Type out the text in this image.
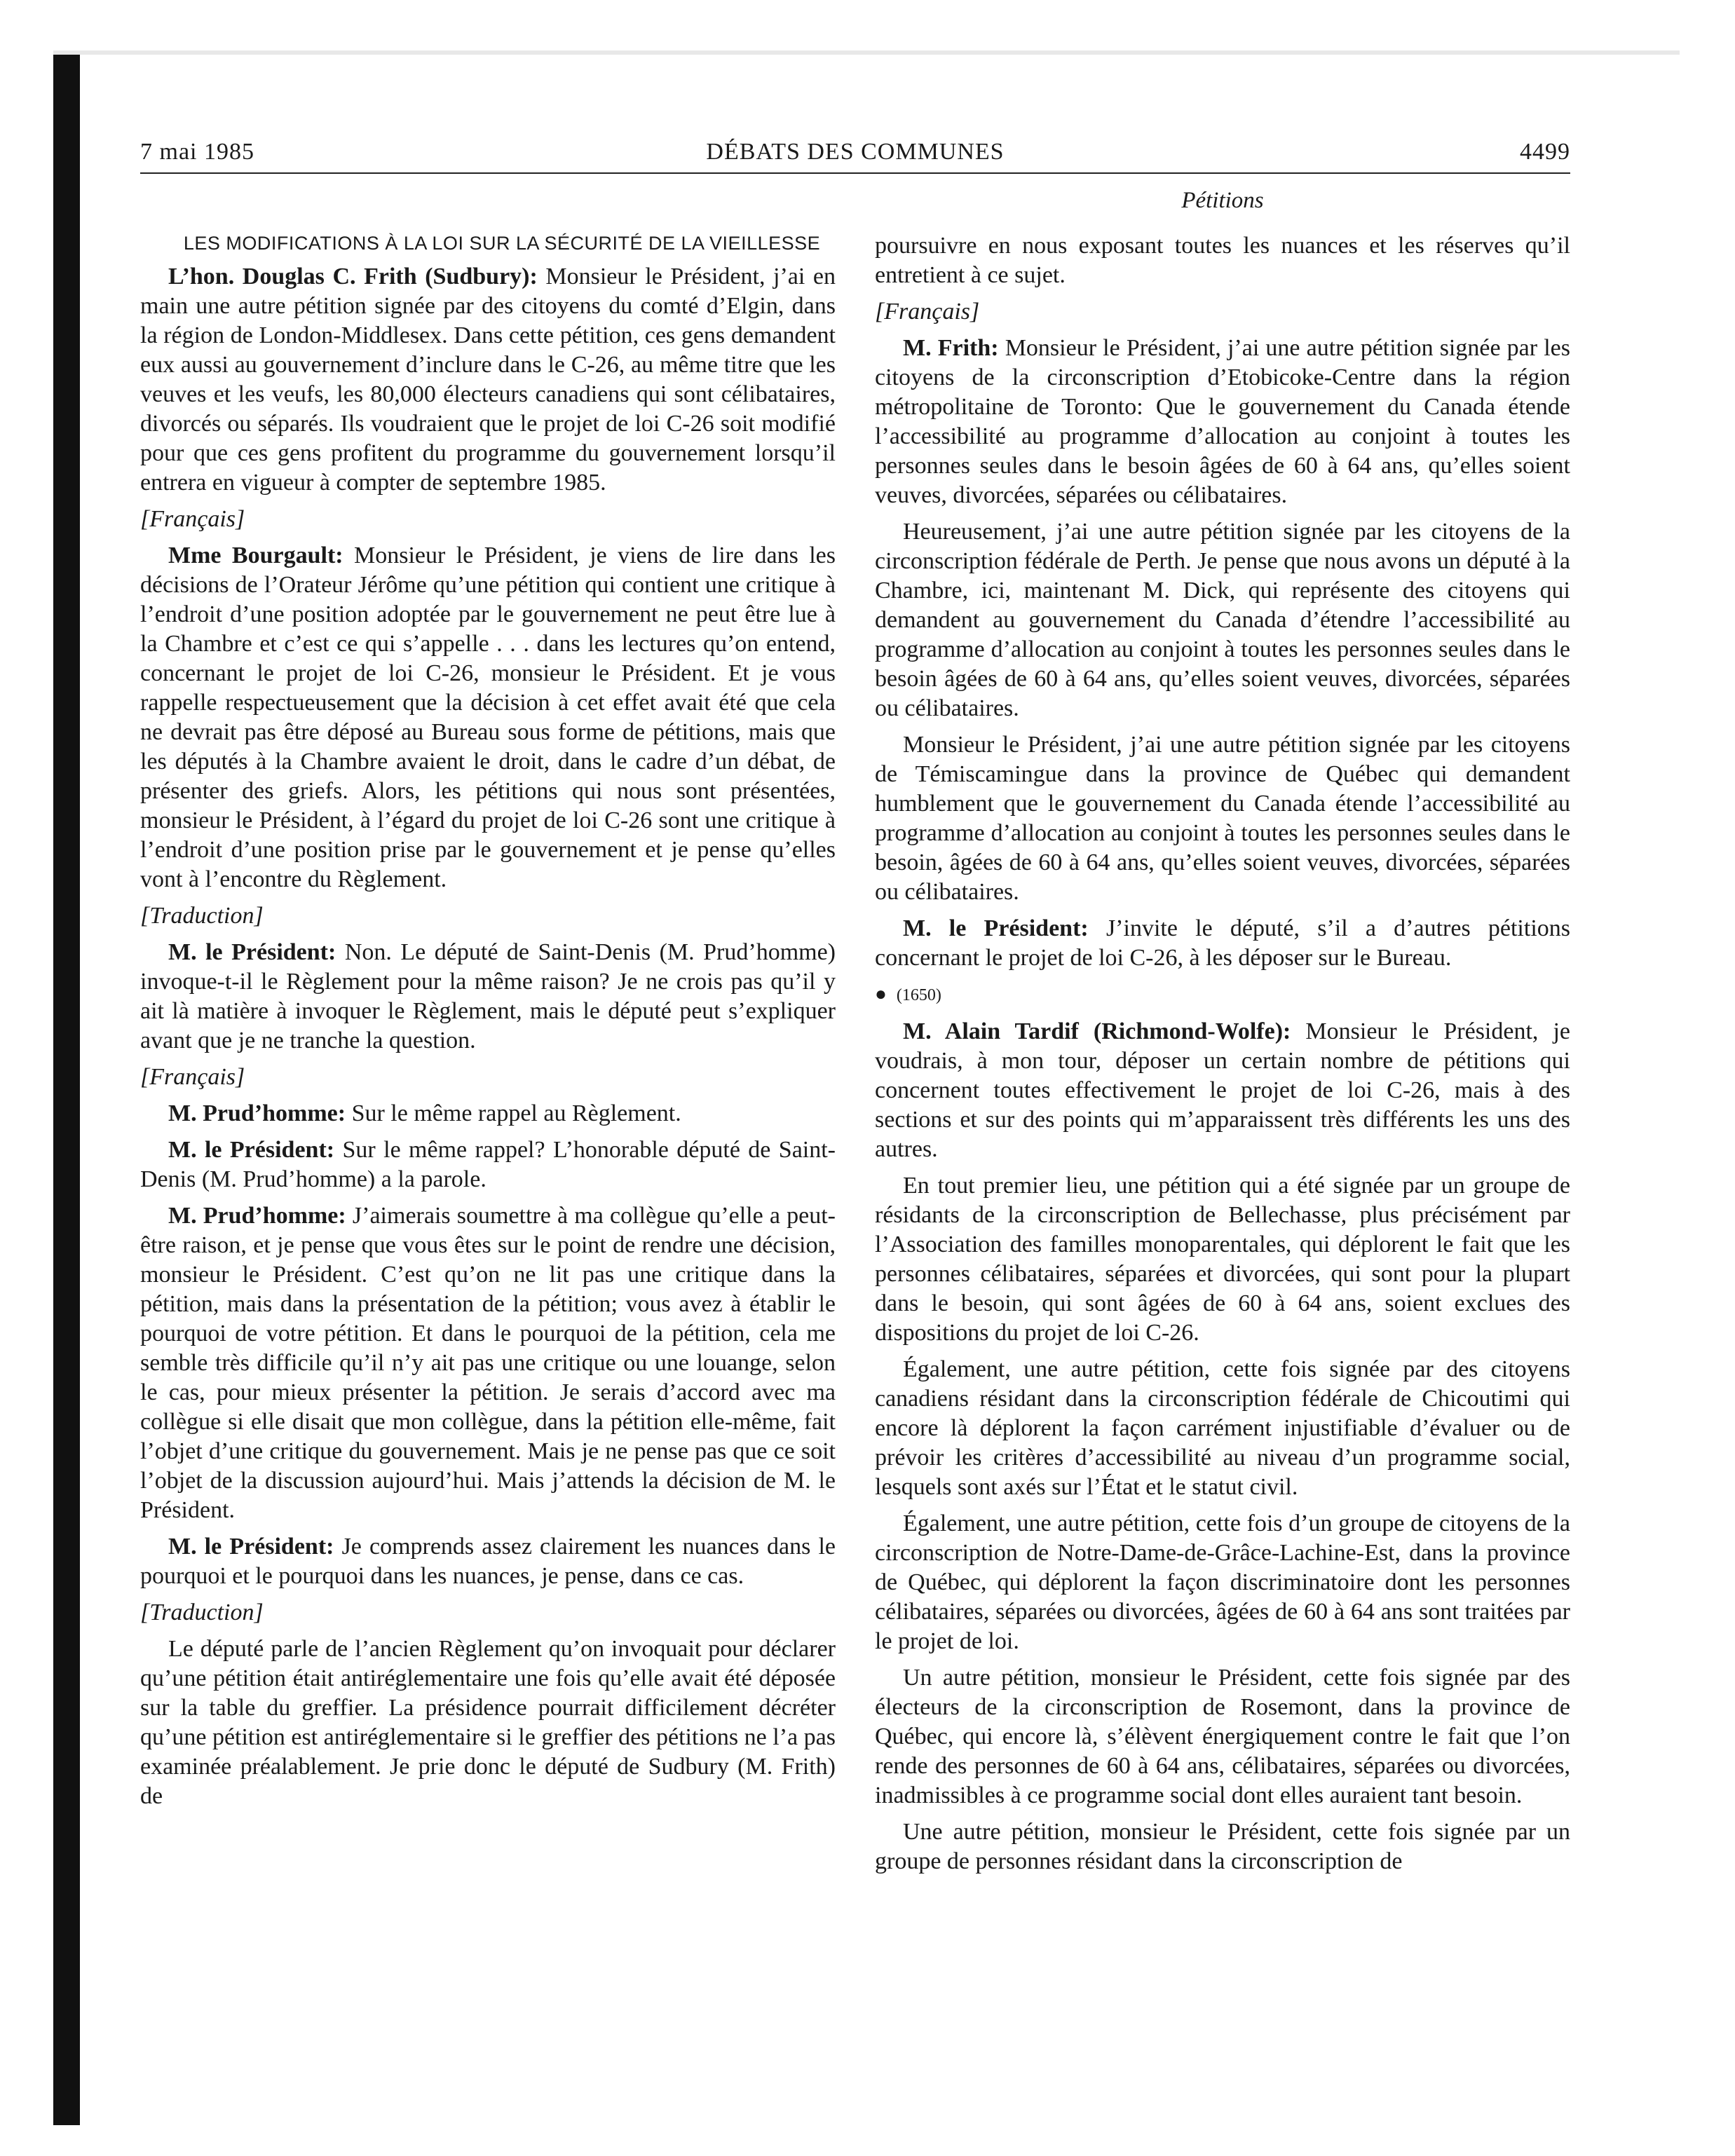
7 mai 1985	DÉBATS DES COMMUNES	4499
Pétitions

LES MODIFICATIONS À LA LOI SUR LA SÉCURITÉ DE LA VIEILLESSE

L’hon. Douglas C. Frith (Sudbury): Monsieur le Président, j’ai en main une autre pétition signée par des citoyens du comté d’Elgin, dans la région de London-Middlesex. Dans cette pétition, ces gens demandent eux aussi au gouvernement d’inclure dans le C-26, au même titre que les veuves et les veufs, les 80,000 électeurs canadiens qui sont célibataires, divorcés ou séparés. Ils voudraient que le projet de loi C-26 soit modifié pour que ces gens profitent du programme du gouvernement lorsqu’il entrera en vigueur à compter de septembre 1985.

[Français]

Mme Bourgault: Monsieur le Président, je viens de lire dans les décisions de l’Orateur Jérôme qu’une pétition qui contient une critique à l’endroit d’une position adoptée par le gouvernement ne peut être lue à la Chambre et c’est ce qui s’appelle . . . dans les lectures qu’on entend, concernant le projet de loi C-26, monsieur le Président. Et je vous rappelle respectueusement que la décision à cet effet avait été que cela ne devrait pas être déposé au Bureau sous forme de pétitions, mais que les députés à la Chambre avaient le droit, dans le cadre d’un débat, de présenter des griefs. Alors, les pétitions qui nous sont présentées, monsieur le Président, à l’égard du projet de loi C-26 sont une critique à l’endroit d’une position prise par le gouvernement et je pense qu’elles vont à l’encontre du Règlement.

[Traduction]

M. le Président: Non. Le député de Saint-Denis (M. Prud’homme) invoque-t-il le Règlement pour la même raison? Je ne crois pas qu’il y ait là matière à invoquer le Règlement, mais le député peut s’expliquer avant que je ne tranche la question.

[Français]

M. Prud’homme: Sur le même rappel au Règlement.

M. le Président: Sur le même rappel? L’honorable député de Saint-Denis (M. Prud’homme) a la parole.

M. Prud’homme: J’aimerais soumettre à ma collègue qu’elle a peut-être raison, et je pense que vous êtes sur le point de rendre une décision, monsieur le Président. C’est qu’on ne lit pas une critique dans la pétition, mais dans la présentation de la pétition; vous avez à établir le pourquoi de votre pétition. Et dans le pourquoi de la pétition, cela me semble très difficile qu’il n’y ait pas une critique ou une louange, selon le cas, pour mieux présenter la pétition. Je serais d’accord avec ma collègue si elle disait que mon collègue, dans la pétition elle-même, fait l’objet d’une critique du gouvernement. Mais je ne pense pas que ce soit l’objet de la discussion aujourd’hui. Mais j’attends la décision de M. le Président.

M. le Président: Je comprends assez clairement les nuances dans le pourquoi et le pourquoi dans les nuances, je pense, dans ce cas.

[Traduction]

Le député parle de l’ancien Règlement qu’on invoquait pour déclarer qu’une pétition était antiréglementaire une fois qu’elle avait été déposée sur la table du greffier. La présidence pourrait difficilement décréter qu’une pétition est antiréglementaire si le greffier des pétitions ne l’a pas examinée préalablement. Je prie donc le député de Sudbury (M. Frith) de

poursuivre en nous exposant toutes les nuances et les réserves qu’il entretient à ce sujet.

[Français]

M. Frith: Monsieur le Président, j’ai une autre pétition signée par les citoyens de la circonscription d’Etobicoke-Centre dans la région métropolitaine de Toronto: Que le gouvernement du Canada étende l’accessibilité au programme d’allocation au conjoint à toutes les personnes seules dans le besoin âgées de 60 à 64 ans, qu’elles soient veuves, divorcées, séparées ou célibataires.

Heureusement, j’ai une autre pétition signée par les citoyens de la circonscription fédérale de Perth. Je pense que nous avons un député à la Chambre, ici, maintenant M. Dick, qui représente des citoyens qui demandent au gouvernement du Canada d’étendre l’accessibilité au programme d’allocation au conjoint à toutes les personnes seules dans le besoin âgées de 60 à 64 ans, qu’elles soient veuves, divorcées, séparées ou célibataires.

Monsieur le Président, j’ai une autre pétition signée par les citoyens de Témiscamingue dans la province de Québec qui demandent humblement que le gouvernement du Canada étende l’accessibilité au programme d’allocation au conjoint à toutes les personnes seules dans le besoin, âgées de 60 à 64 ans, qu’elles soient veuves, divorcées, séparées ou célibataires.

M. le Président: J’invite le député, s’il a d’autres pétitions concernant le projet de loi C-26, à les déposer sur le Bureau.

● (1650)

M. Alain Tardif (Richmond-Wolfe): Monsieur le Président, je voudrais, à mon tour, déposer un certain nombre de pétitions qui concernent toutes effectivement le projet de loi C-26, mais à des sections et sur des points qui m’apparaissent très différents les uns des autres.

En tout premier lieu, une pétition qui a été signée par un groupe de résidants de la circonscription de Bellechasse, plus précisément par l’Association des familles monoparentales, qui déplorent le fait que les personnes célibataires, séparées et divorcées, qui sont pour la plupart dans le besoin, qui sont âgées de 60 à 64 ans, soient exclues des dispositions du projet de loi C-26.

Également, une autre pétition, cette fois signée par des citoyens canadiens résidant dans la circonscription fédérale de Chicoutimi qui encore là déplorent la façon carrément injustifiable d’évaluer ou de prévoir les critères d’accessibilité au niveau d’un programme social, lesquels sont axés sur l’État et le statut civil.

Également, une autre pétition, cette fois d’un groupe de citoyens de la circonscription de Notre-Dame-de-Grâce-Lachine-Est, dans la province de Québec, qui déplorent la façon discriminatoire dont les personnes célibataires, séparées ou divorcées, âgées de 60 à 64 ans sont traitées par le projet de loi.

Un autre pétition, monsieur le Président, cette fois signée par des électeurs de la circonscription de Rosemont, dans la province de Québec, qui encore là, s’élèvent énergiquement contre le fait que l’on rende des personnes de 60 à 64 ans, célibataires, séparées ou divorcées, inadmissibles à ce programme social dont elles auraient tant besoin.

Une autre pétition, monsieur le Président, cette fois signée par un groupe de personnes résidant dans la circonscription de
